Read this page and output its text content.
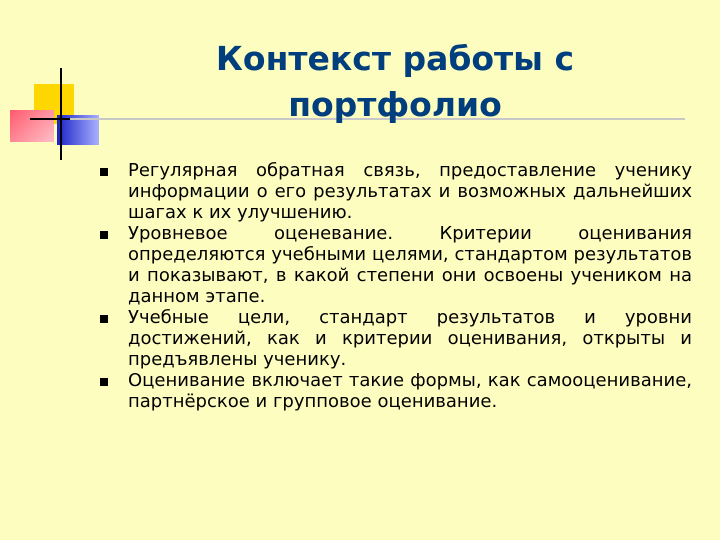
Контекст работы с портфолио
Регулярная обратная связь, предоставление ученику информации о его результатах и возможных дальнейших шагах к их улучшению.
Уровневое оценевание. Критерии оценивания определяются учебными целями, стандартом результатов и показывают, в какой степени они освоены учеником на данном этапе.
Учебные цели, стандарт результатов и уровни достижений, как и критерии оценивания, открыты и предъявлены ученику.
Оценивание включает такие формы, как самооценивание, партнёрское и групповое оценивание.
